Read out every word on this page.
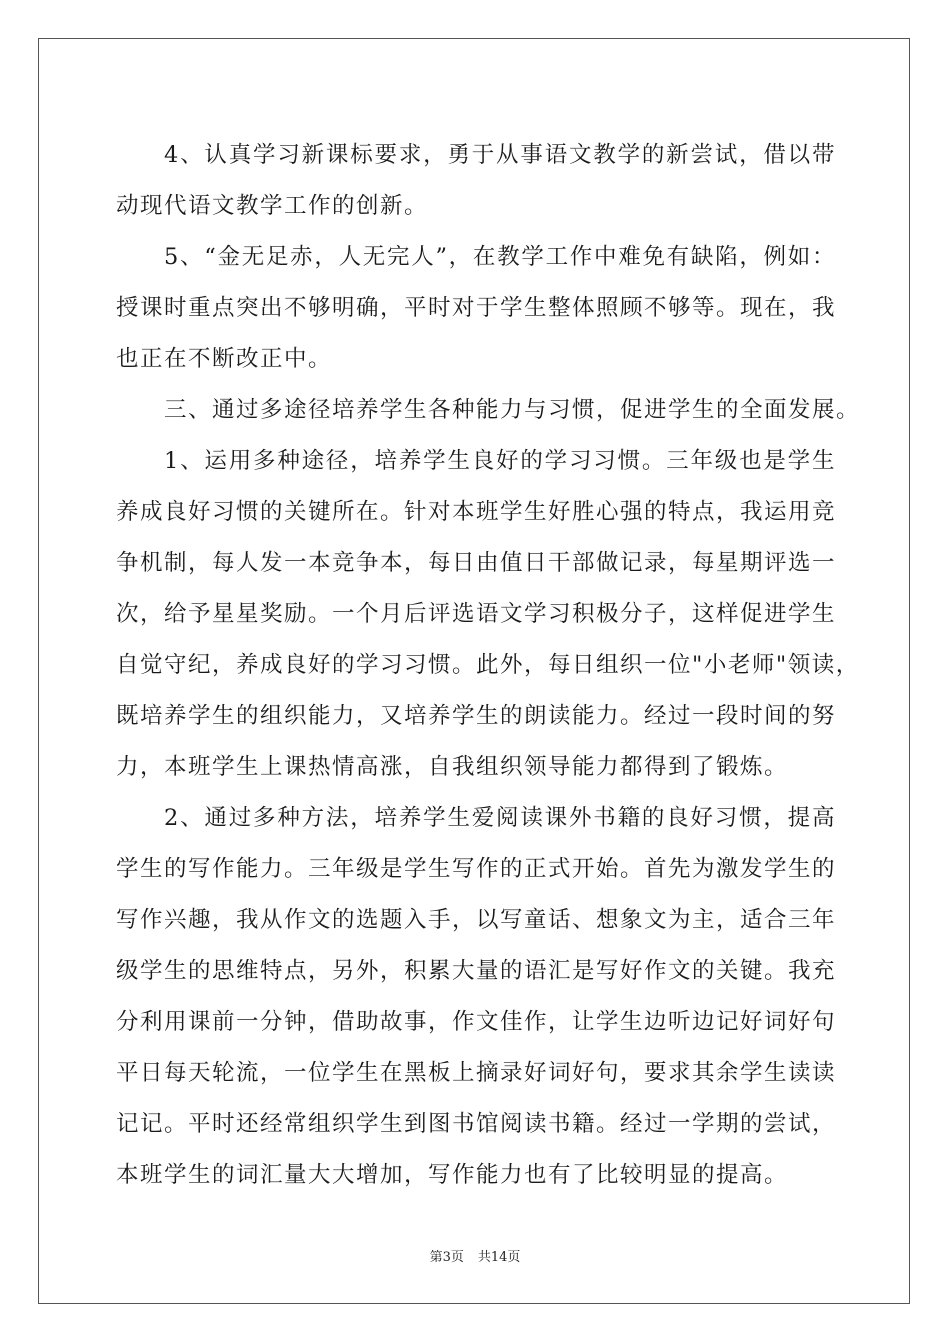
4、认真学习新课标要求，勇于从事语文教学的新尝试，借以带
动现代语文教学工作的创新。
5、“金无足赤，人无完人”，在教学工作中难免有缺陷，例如：
授课时重点突出不够明确，平时对于学生整体照顾不够等。现在，我
也正在不断改正中。
三、通过多途径培养学生各种能力与习惯，促进学生的全面发展。
1、运用多种途径，培养学生良好的学习习惯。三年级也是学生
养成良好习惯的关键所在。针对本班学生好胜心强的特点，我运用竞
争机制，每人发一本竞争本，每日由值日干部做记录，每星期评选一
次，给予星星奖励。一个月后评选语文学习积极分子，这样促进学生
自觉守纪，养成良好的学习习惯。此外，每日组织一位"小老师"领读，
既培养学生的组织能力，又培养学生的朗读能力。经过一段时间的努
力，本班学生上课热情高涨，自我组织领导能力都得到了锻炼。
2、通过多种方法，培养学生爱阅读课外书籍的良好习惯，提高
学生的写作能力。三年级是学生写作的正式开始。首先为激发学生的
写作兴趣，我从作文的选题入手，以写童话、想象文为主，适合三年
级学生的思维特点，另外，积累大量的语汇是写好作文的关键。我充
分利用课前一分钟，借助故事，作文佳作，让学生边听边记好词好句
平日每天轮流，一位学生在黑板上摘录好词好句，要求其余学生读读
记记。平时还经常组织学生到图书馆阅读书籍。经过一学期的尝试，
本班学生的词汇量大大增加，写作能力也有了比较明显的提高。
第3页 共14页
